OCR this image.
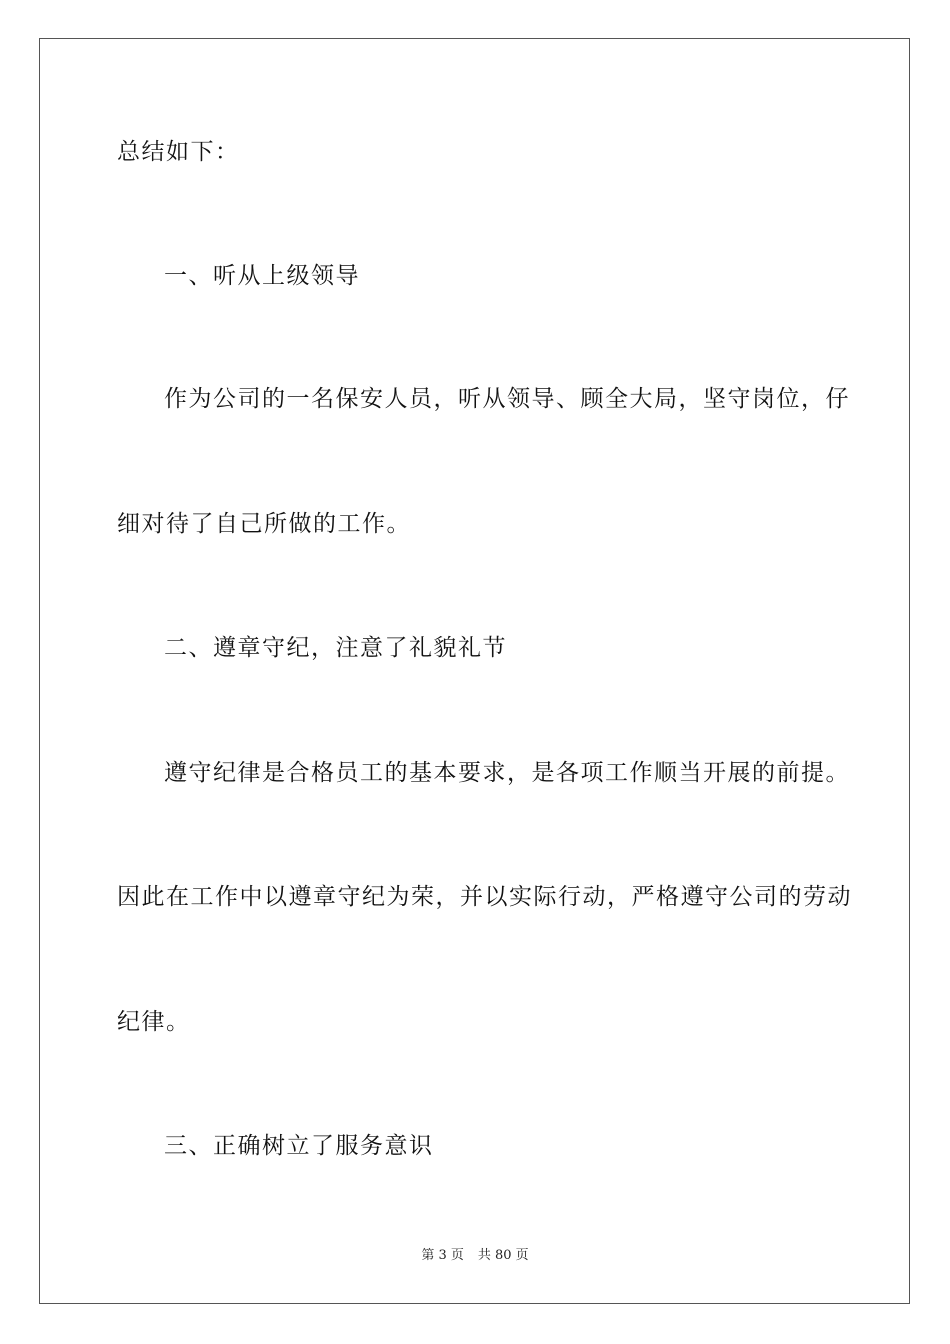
总结如下：
一、听从上级领导
作为公司的一名保安人员，听从领导、顾全大局，坚守岗位，仔
细对待了自己所做的工作。
二、遵章守纪，注意了礼貌礼节
遵守纪律是合格员工的基本要求，是各项工作顺当开展的前提。
因此在工作中以遵章守纪为荣，并以实际行动，严格遵守公司的劳动
纪律。
三、正确树立了服务意识
第 3 页 共 80 页
